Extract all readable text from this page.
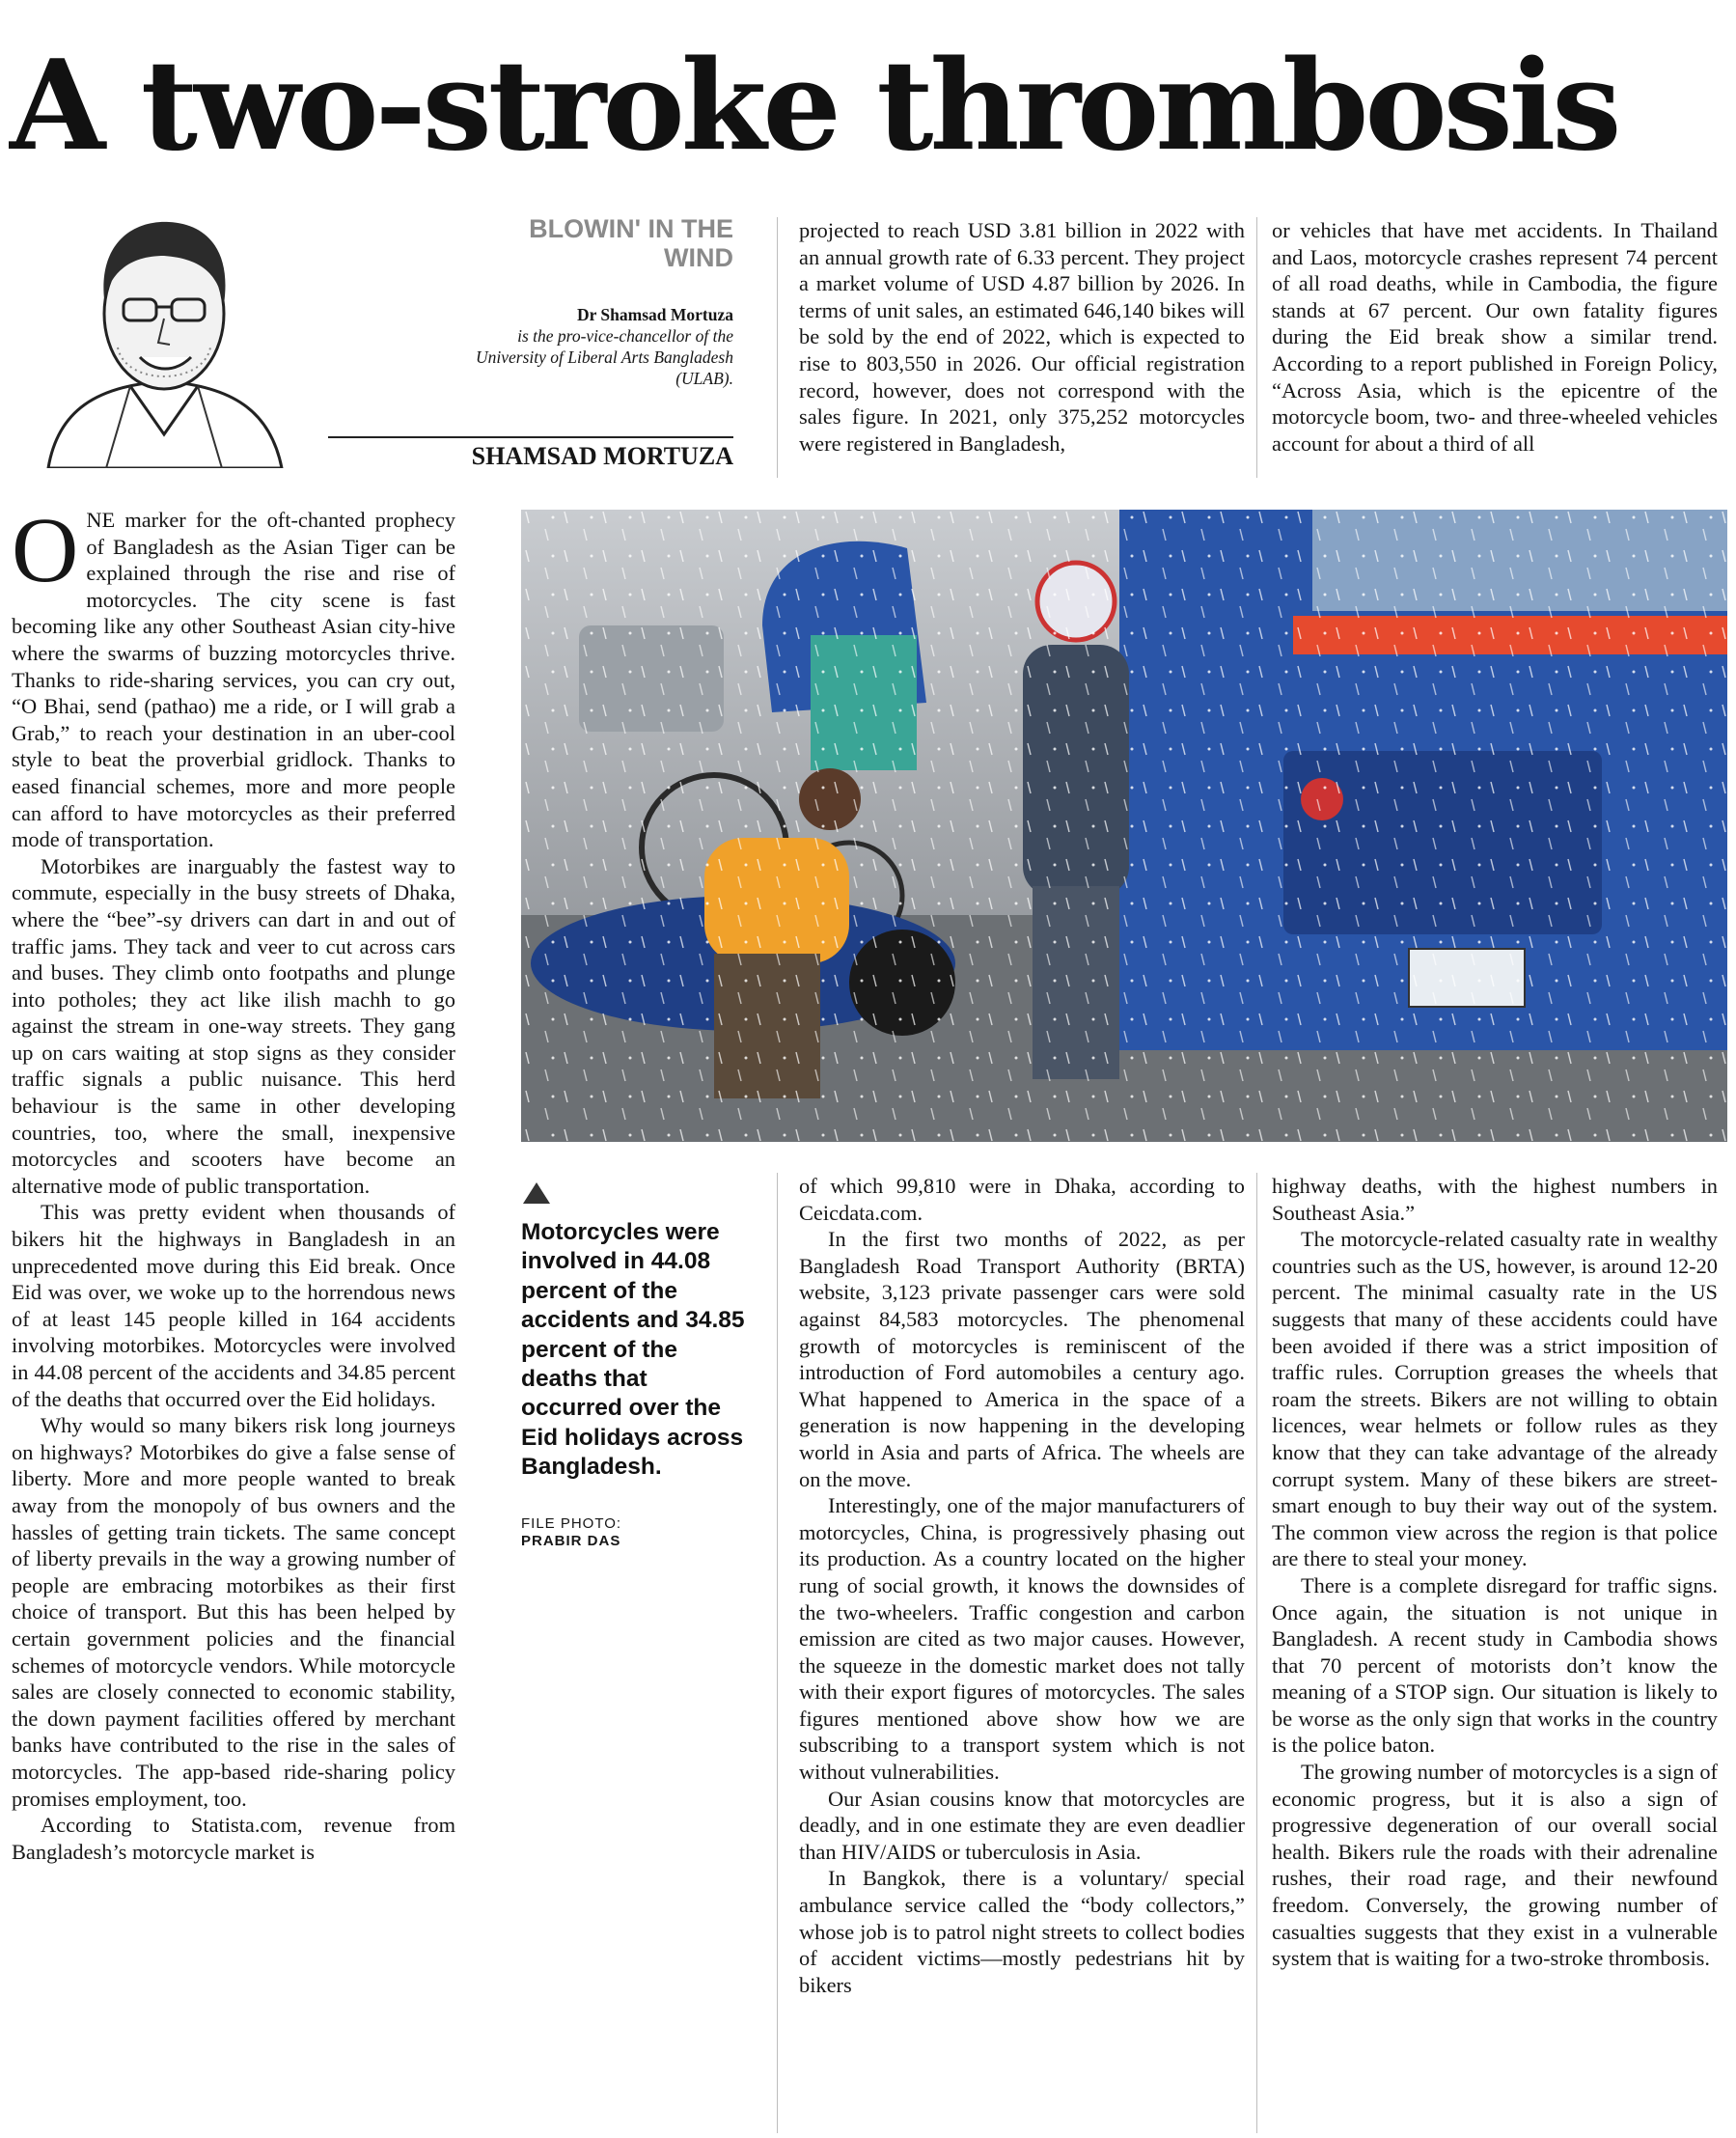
A two-stroke thrombosis
BLOWIN' IN THE WIND
Dr Shamsad Mortuza
is the pro-vice-chancellor of the University of Liberal Arts Bangladesh (ULAB).
SHAMSAD MORTUZA

ONE marker for the oft-chanted prophecy of Bangladesh as the Asian Tiger can be explained through the rise and rise of motorcycles. The city scene is fast becoming like any other Southeast Asian city-hive where the swarms of buzzing motorcycles thrive. Thanks to ride-sharing services, you can cry out, “O Bhai, send (pathao) me a ride, or I will grab a Grab,” to reach your destination in an uber-cool style to beat the proverbial gridlock. Thanks to eased financial schemes, more and more people can afford to have motorcycles as their preferred mode of transportation.

Motorbikes are inarguably the fastest way to commute, especially in the busy streets of Dhaka, where the “bee”-sy drivers can dart in and out of traffic jams. They tack and veer to cut across cars and buses. They climb onto footpaths and plunge into potholes; they act like ilish machh to go against the stream in one-way streets. They gang up on cars waiting at stop signs as they consider traffic signals a public nuisance. This herd behaviour is the same in other developing countries, too, where the small, inexpensive motorcycles and scooters have become an alternative mode of public transportation.

This was pretty evident when thousands of bikers hit the highways in Bangladesh in an unprecedented move during this Eid break. Once Eid was over, we woke up to the horrendous news of at least 145 people killed in 164 accidents involving motorbikes. Motorcycles were involved in 44.08 percent of the accidents and 34.85 percent of the deaths that occurred over the Eid holidays.

Why would so many bikers risk long journeys on highways? Motorbikes do give a false sense of liberty. More and more people wanted to break away from the monopoly of bus owners and the hassles of getting train tickets. The same concept of liberty prevails in the way a growing number of people are embracing motorbikes as their first choice of transport. But this has been helped by certain government policies and the financial schemes of motorcycle vendors. While motorcycle sales are closely connected to economic stability, the down payment facilities offered by merchant banks have contributed to the rise in the sales of motorcycles. The app-based ride-sharing policy promises employment, too.

According to Statista.com, revenue from Bangladesh’s motorcycle market is

projected to reach USD 3.81 billion in 2022 with an annual growth rate of 6.33 percent. They project a market volume of USD 4.87 billion by 2026. In terms of unit sales, an estimated 646,140 bikes will be sold by the end of 2022, which is expected to rise to 803,550 in 2026. Our official registration record, however, does not correspond with the sales figure. In 2021, only 375,252 motorcycles were registered in Bangladesh,

or vehicles that have met accidents. In Thailand and Laos, motorcycle crashes represent 74 percent of all road deaths, while in Cambodia, the figure stands at 67 percent. Our own fatality figures during the Eid break show a similar trend. According to a report published in Foreign Policy, “Across Asia, which is the epicentre of the motorcycle boom, two- and three-wheeled vehicles account for about a third of all

Motorcycles were involved in 44.08 percent of the accidents and 34.85 percent of the deaths that occurred over the Eid holidays across Bangladesh.
FILE PHOTO:
PRABIR DAS

of which 99,810 were in Dhaka, according to Ceicdata.com.

In the first two months of 2022, as per Bangladesh Road Transport Authority (BRTA) website, 3,123 private passenger cars were sold against 84,583 motorcycles. The phenomenal growth of motorcycles is reminiscent of the introduction of Ford automobiles a century ago. What happened to America in the space of a generation is now happening in the developing world in Asia and parts of Africa. The wheels are on the move.

Interestingly, one of the major manufacturers of motorcycles, China, is progressively phasing out its production. As a country located on the higher rung of social growth, it knows the downsides of the two-wheelers. Traffic congestion and carbon emission are cited as two major causes. However, the squeeze in the domestic market does not tally with their export figures of motorcycles. The sales figures mentioned above show how we are subscribing to a transport system which is not without vulnerabilities.

Our Asian cousins know that motorcycles are deadly, and in one estimate they are even deadlier than HIV/AIDS or tuberculosis in Asia.

In Bangkok, there is a voluntary/ special ambulance service called the “body collectors,” whose job is to patrol night streets to collect bodies of accident victims—mostly pedestrians hit by bikers

highway deaths, with the highest numbers in Southeast Asia.”

The motorcycle-related casualty rate in wealthy countries such as the US, however, is around 12-20 percent. The minimal casualty rate in the US suggests that many of these accidents could have been avoided if there was a strict imposition of traffic rules. Corruption greases the wheels that roam the streets. Bikers are not willing to obtain licences, wear helmets or follow rules as they know that they can take advantage of the already corrupt system. Many of these bikers are street-smart enough to buy their way out of the system. The common view across the region is that police are there to steal your money.

There is a complete disregard for traffic signs. Once again, the situation is not unique in Bangladesh. A recent study in Cambodia shows that 70 percent of motorists don’t know the meaning of a STOP sign. Our situation is likely to be worse as the only sign that works in the country is the police baton.

The growing number of motorcycles is a sign of economic progress, but it is also a sign of progressive degeneration of our overall social health. Bikers rule the roads with their adrenaline rushes, their road rage, and their newfound freedom. Conversely, the growing number of casualties suggests that they exist in a vulnerable system that is waiting for a two-stroke thrombosis.
